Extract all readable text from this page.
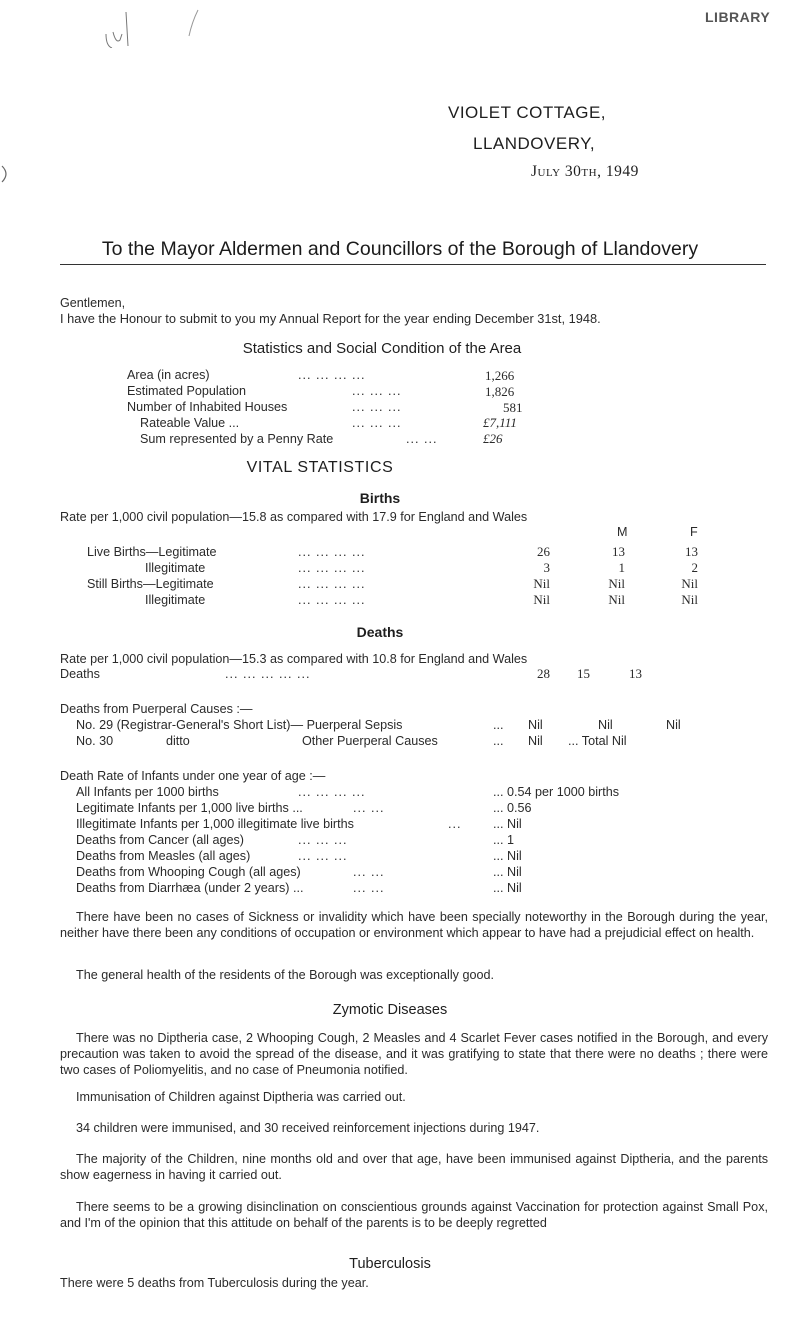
LIBRARY
VIOLET COTTAGE,
LLANDOVERY,
July 30th, 1949
To the Mayor Aldermen and Councillors of the Borough of Llandovery
Gentlemen,
I have the Honour to submit to you my Annual Report for the year ending December 31st, 1948.
Statistics and Social Condition of the Area
Area (in acres)	... ... ... ...	1,266
Estimated Population	... ... ...	1,826
Number of Inhabited Houses	... ... ...	581
Rateable Value ...	... ... ...	£7,111
Sum represented by a Penny Rate	... ...	£26
VITAL STATISTICS
Births
Rate per 1,000 civil population—15.8 as compared with 17.9 for England and Wales
M	F
Live Births—Legitimate	... ... ... ...	26	13	13
Illegitimate	... ... ... ...	3	1	2
Still Births—Legitimate	... ... ... ...	Nil	Nil	Nil
Illegitimate	... ... ... ...	Nil	Nil	Nil
Deaths
Rate per 1,000 civil population—15.3 as compared with 10.8 for England and Wales
Deaths	... ... ... ... ...	28	15	13
Deaths from Puerperal Causes :—
No. 29 (Registrar-General's Short List)— Puerperal Sepsis	... Nil	Nil	Nil
No. 30	ditto	Other Puerperal Causes	... Nil ... Total Nil
Death Rate of Infants under one year of age :—
All Infants per 1000 births	... ... ... ...	... 0.54 per 1000 births
Legitimate Infants per 1,000 live births ...	... ...	... 0.56
Illegitimate Infants per 1,000 illegitimate live births	...	... Nil
Deaths from Cancer (all ages)	... ... ...	... 1
Deaths from Measles (all ages)	... ... ...	... Nil
Deaths from Whooping Cough (all ages)	... ...	... Nil
Deaths from Diarrhæa (under 2 years) ...	... ...	... Nil
There have been no cases of Sickness or invalidity which have been specially noteworthy in the Borough during the year, neither have there been any conditions of occupation or environment which appear to have had a prejudicial effect on health.
The general health of the residents of the Borough was exceptionally good.
Zymotic Diseases
There was no Diptheria case, 2 Whooping Cough, 2 Measles and 4 Scarlet Fever cases notified in the Borough, and every precaution was taken to avoid the spread of the disease, and it was gratifying to state that there were no deaths ; there were two cases of Poliomyelitis, and no case of Pneumonia notified.
Immunisation of Children against Diptheria was carried out.
34 children were immunised, and 30 received reinforcement injections during 1947.
The majority of the Children, nine months old and over that age, have been immunised against Diptheria, and the parents show eagerness in having it carried out.
There seems to be a growing disinclination on conscientious grounds against Vaccination for protection against Small Pox, and I'm of the opinion that this attitude on behalf of the parents is to be deeply regretted
Tuberculosis
There were 5 deaths from Tuberculosis during the year.
